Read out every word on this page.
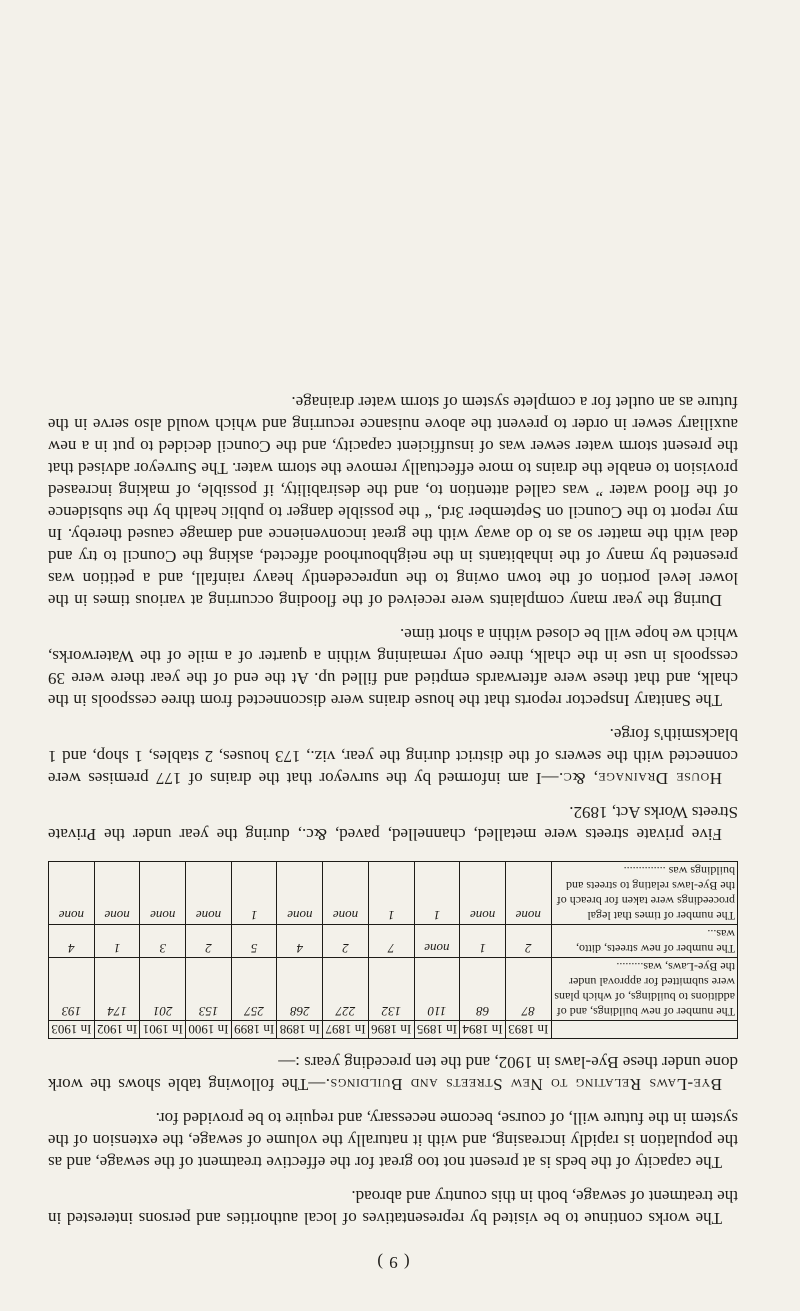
( 9 )

The works continue to be visited by representatives of local authorities and persons interested in the treatment of sewage, both in this country and abroad.

The capacity of the beds is at present not too great for the effective treatment of the sewage, and as the population is rapidly increasing, and with it naturally the volume of sewage, the extension of the system in the future will, of course, become necessary, and require to be provided for.

Bye-Laws Relating to New Streets and Buildings.—The following table shows the work done under these Bye-laws in 1902, and the ten preceding years :—

	In 1893	In 1894	In 1895	In 1896	In 1897	In 1898	In 1899	In 1900	In 1901	In 1902	In 1903
The number of new buildings, and of additions to buildings, of which plans were submitted for approval under the Bye-Laws, was.........	87	68	110	132	227	268	257	153	201	174	193
The number of new streets, ditto, was...	2	1	none	7	2	4	5	2	3	1	4
The number of times that legal proceedings were taken for breach of the Bye-laws relating to streets and buildings was ..............	none	none	1	1	none	none	1	none	none	none	none

Five private streets were metalled, channelled, paved, &c., during the year under the Private Streets Works Act, 1892.

House Drainage, &c.—I am informed by the surveyor that the drains of 177 premises were connected with the sewers of the district during the year, viz., 173 houses, 2 stables, 1 shop, and 1 blacksmith's forge.

The Sanitary Inspector reports that the house drains were disconnected from three cesspools in the chalk, and that these were afterwards emptied and filled up. At the end of the year there were 39 cesspools in use in the chalk, three only remaining within a quarter of a mile of the Waterworks, which we hope will be closed within a short time.

During the year many complaints were received of the flooding occurring at various times in the lower level portion of the town owing to the unprecedently heavy rainfall, and a petition was presented by many of the inhabitants in the neighbourhood affected, asking the Council to try and deal with the matter so as to do away with the great inconvenience and damage caused thereby. In my report to the Council on September 3rd, “ the possible danger to public health by the subsidence of the flood water ” was called attention to, and the desirability, if possible, of making increased provision to enable the drains to more effectually remove the storm water. The Surveyor advised that the present storm water sewer was of insufficient capacity, and the Council decided to put in a new auxiliary sewer in order to prevent the above nuisance recurring and which would also serve in the future as an outlet for a complete system of storm water drainage.
